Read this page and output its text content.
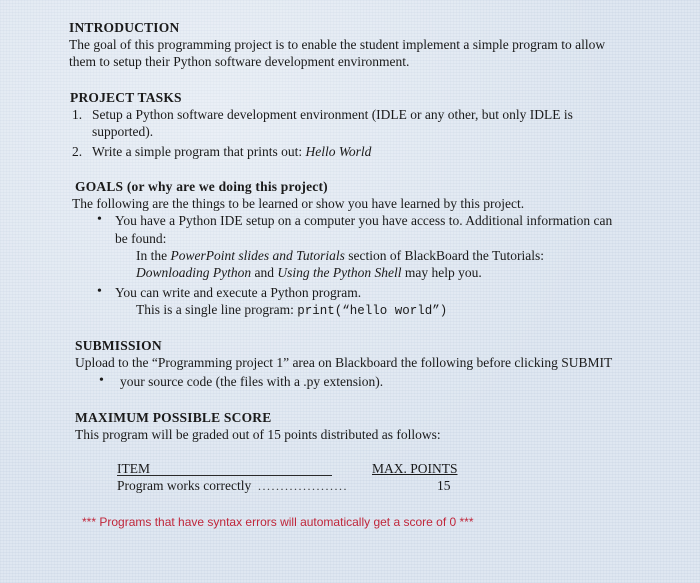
INTRODUCTION
The goal of this programming project is to enable the student implement a simple program to allow
them to setup their Python software development environment.
PROJECT TASKS
1. Setup a Python software development environment (IDLE or any other, but only IDLE is
supported).
2. Write a simple program that prints out: Hello World
GOALS (or why are we doing this project)
The following are the things to be learned or show you have learned by this project.
• You have a Python IDE setup on a computer you have access to. Additional information can
be found:
In the PowerPoint slides and Tutorials section of BlackBoard the Tutorials:
Downloading Python and Using the Python Shell may help you.
• You can write and execute a Python program.
This is a single line program: print(“hello world”)
SUBMISSION
Upload to the “Programming project 1” area on Blackboard the following before clicking SUBMIT
• your source code (the files with a .py extension).
MAXIMUM POSSIBLE SCORE
This program will be graded out of 15 points distributed as follows:
ITEM	MAX. POINTS
Program works correctly ....................	15
*** Programs that have syntax errors will automatically get a score of 0 ***
